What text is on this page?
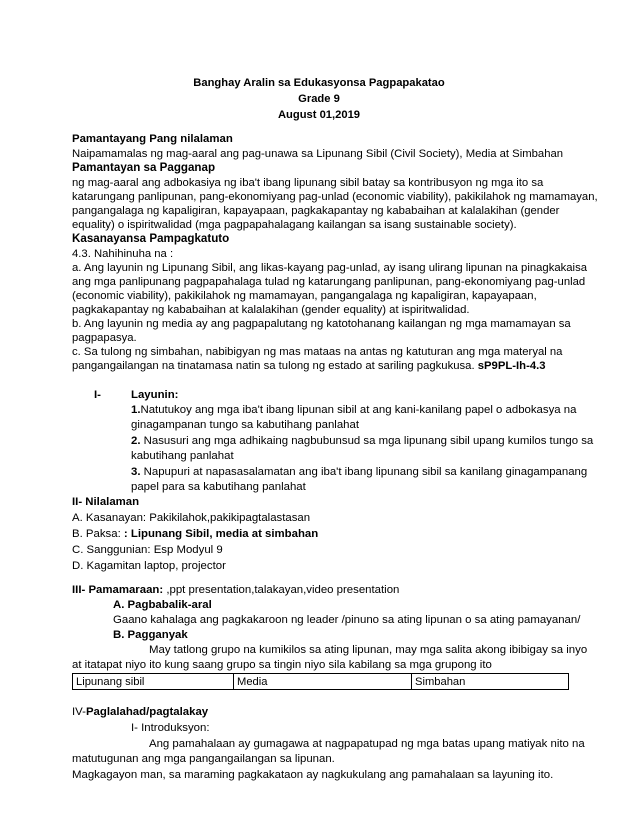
Banghay Aralin sa Edukasyonsa Pagpapakatao
Grade 9
August 01,2019
Pamantayang Pang nilalaman
Naipamamalas ng mag-aaral ang pag-unawa sa Lipunang Sibil (Civil Society), Media at Simbahan
Pamantayan sa Pagganap
ng mag-aaral ang adbokasiya ng iba't ibang lipunang sibil batay sa kontribusyon ng mga ito sa
katarungang panlipunan, pang-ekonomiyang pag-unlad (economic viability), pakikilahok ng mamamayan,
pangangalaga ng kapaligiran, kapayapaan, pagkakapantay ng kababaihan at kalalakihan (gender
equality) o ispiritwalidad (mga pagpapahalagang kailangan sa isang sustainable society).
Kasanayansa Pampagkatuto
4.3. Nahihinuha na :
a. Ang layunin ng Lipunang Sibil, ang likas-kayang pag-unlad, ay isang ulirang lipunan na pinagkakaisa
ang mga panlipunang pagpapahalaga tulad ng katarungang panlipunan, pang-ekonomiyang pag-unlad
(economic viability), pakikilahok ng mamamayan, pangangalaga ng kapaligiran, kapayapaan,
pagkakapantay ng kababaihan at kalalakihan (gender equality) at ispiritwalidad.
b. Ang layunin ng media ay ang pagpapalutang ng katotohanang kailangan ng mga mamamayan sa
pagpapasya.
c. Sa tulong ng simbahan, nabibigyan ng mas mataas na antas ng katuturan ang mga materyal na
pangangailangan na tinatamasa natin sa tulong ng estado at sariling pagkukusa. sP9PL-Ih-4.3
I-	Layunin:
1.Natutukoy ang mga iba't ibang lipunan sibil at ang kani-kanilang papel o adbokasya na
ginagampanan tungo sa kabutihang panlahat
2. Nasusuri ang mga adhikaing nagbubunsud sa mga lipunang sibil upang kumilos tungo sa
kabutihang panlahat
3. Napupuri at napasasalamatan ang iba't ibang lipunang sibil sa kanilang ginagampanang
papel para sa kabutihang panlahat
II- Nilalaman
A. Kasanayan: Pakikilahok,pakikipagtalastasan
B. Paksa: : Lipunang Sibil, media at simbahan
C. Sanggunian: Esp Modyul 9
D. Kagamitan laptop, projector
III- Pamamaraan: ,ppt presentation,talakayan,video presentation
A. Pagbabalik-aral
Gaano kahalaga ang pagkakaroon ng leader /pinuno sa ating lipunan o sa ating pamayanan/
B. Pagganyak
May tatlong grupo na kumikilos sa ating lipunan, may mga salita akong ibibigay sa inyo
at itatapat niyo ito kung saang grupo sa tingin niyo sila kabilang sa mga grupong ito
Lipunang sibil	Media	Simbahan
IV-Paglalahad/pagtalakay
I- Introduksyon:
Ang pamahalaan ay gumagawa at nagpapatupad ng mga batas upang matiyak nito na
matutugunan ang mga pangangailangan sa lipunan.
Magkagayon man, sa maraming pagkakataon ay nagkukulang ang pamahalaan sa layuning ito.
